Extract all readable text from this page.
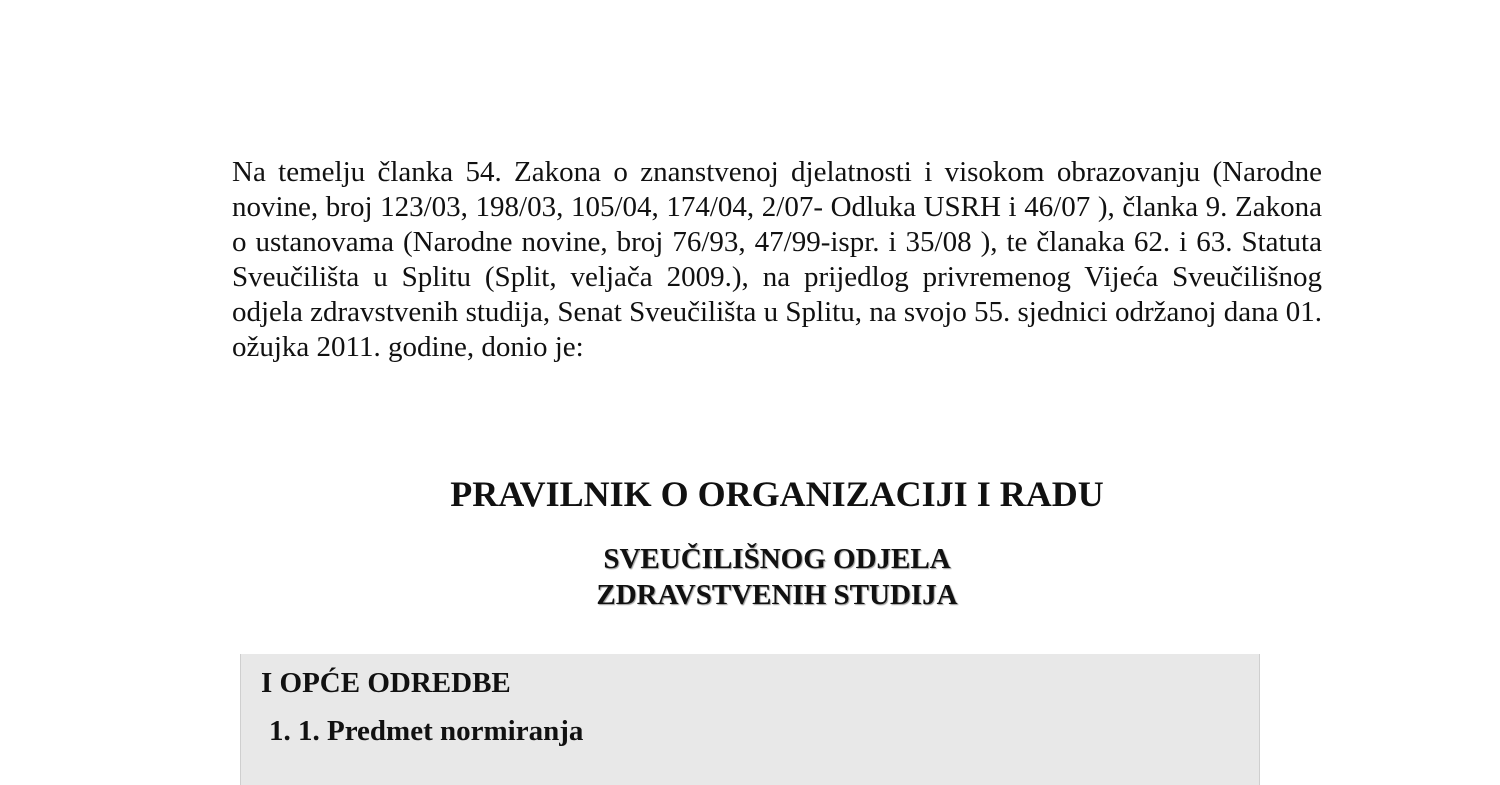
Na temelju članka 54. Zakona o znanstvenoj djelatnosti i visokom obrazovanju (Narodne novine, broj 123/03, 198/03, 105/04, 174/04, 2/07- Odluka USRH i 46/07 ), članka 9. Zakona o ustanovama (Narodne novine, broj 76/93, 47/99-ispr. i 35/08 ), te članaka 62. i 63. Statuta Sveučilišta u Splitu (Split, veljača 2009.), na prijedlog privremenog Vijeća Sveučilišnog odjela zdravstvenih studija, Senat Sveučilišta u Splitu, na svojo 55. sjednici održanoj dana 01. ožujka 2011. godine, donio je:

PRAVILNIK O ORGANIZACIJI I RADU
SVEUČILIŠNOG ODJELA
ZDRAVSTVENIH STUDIJA
I OPĆE ODREDBE
1. 1. Predmet normiranja
